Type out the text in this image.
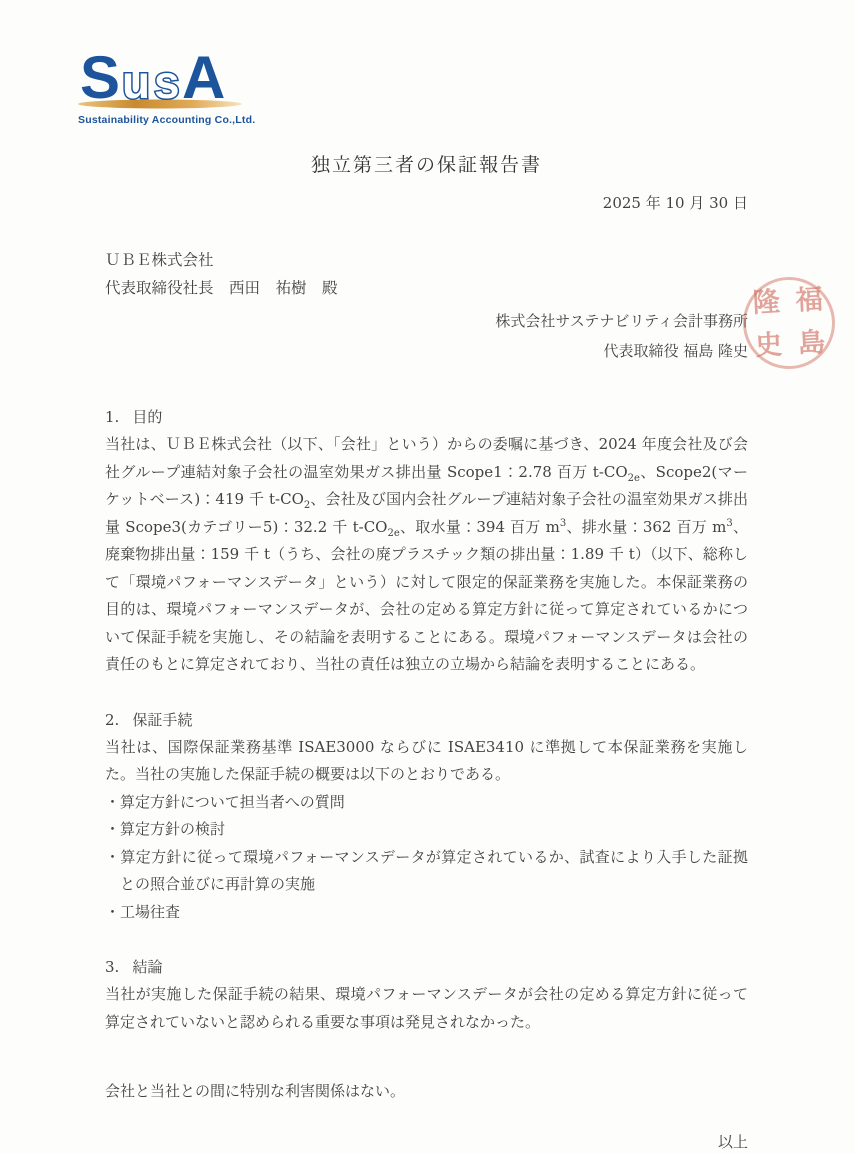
S u s A
Sustainability Accounting Co.,Ltd.
隆 福
史 島
独立第三者の保証報告書
2025 年 10 月 30 日
ＵＢＥ株式会社
代表取締役社長　西田　祐樹　殿
株式会社サステナビリティ会計事務所
代表取締役 福島 隆史
1. 目的

当社は、ＵＢＥ株式会社（以下、「会社」という）からの委嘱に基づき、2024 年度会社及び会社グループ連結対象子会社の温室効果ガス排出量 Scope1：2.78 百万 $t-CO_{2e}$、Scope2(マーケットベース)：419 千 $t-CO_2$、会社及び国内会社グループ連結対象子会社の温室効果ガス排出量 Scope3(カテゴリー5)：32.2 千 $t-CO_{2e}$、取水量：394 百万 $m^3$、排水量：362 百万 $m^3$、廃棄物排出量：159 千 t（うち、会社の廃プラスチック類の排出量：1.89 千 t）（以下、総称して「環境パフォーマンスデータ」という）に対して限定的保証業務を実施した。本保証業務の目的は、環境パフォーマンスデータが、会社の定める算定方針に従って算定されているかについて保証手続を実施し、その結論を表明することにある。環境パフォーマンスデータは会社の責任のもとに算定されており、当社の責任は独立の立場から結論を表明することにある。

2. 保証手続

当社は、国際保証業務基準 ISAE3000 ならびに ISAE3410 に準拠して本保証業務を実施した。当社の実施した保証手続の概要は以下のとおりである。

・算定方針について担当者への質問
・算定方針の検討
・算定方針に従って環境パフォーマンスデータが算定されているか、試査により入手した証拠との照合並びに再計算の実施
・工場往査
3. 結論

当社が実施した保証手続の結果、環境パフォーマンスデータが会社の定める算定方針に従って算定されていないと認められる重要な事項は発見されなかった。

会社と当社との間に特別な利害関係はない。
以上
